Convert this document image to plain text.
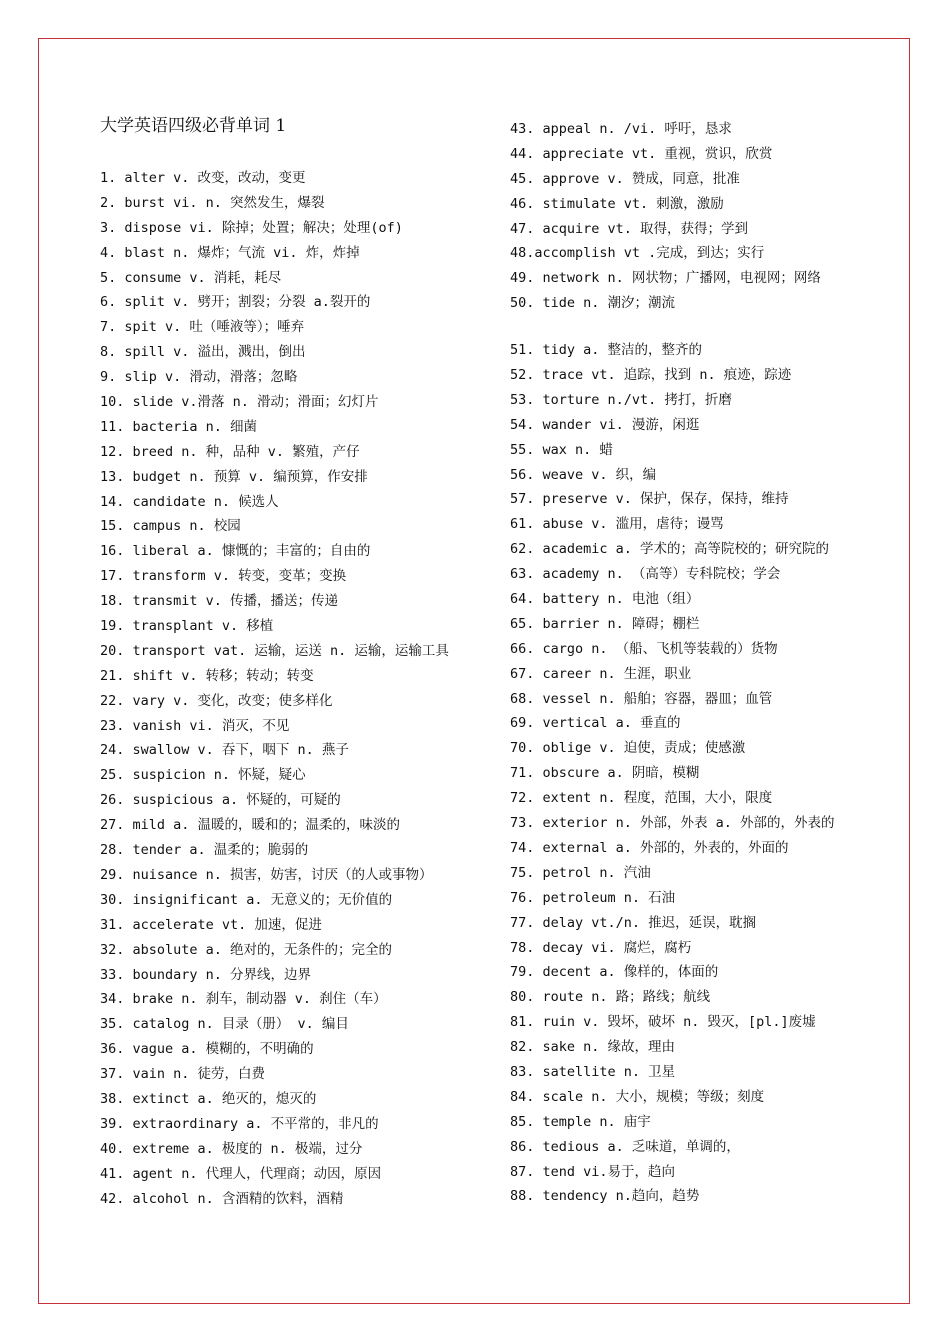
大学英语四级必背单词 1
1. alter v. 改变，改动，变更
2. burst vi. n. 突然发生，爆裂
3. dispose vi. 除掉；处置；解决；处理(of)
4. blast n. 爆炸；气流 vi. 炸，炸掉
5. consume v. 消耗，耗尽
6. split v. 劈开；割裂；分裂 a.裂开的
7. spit v. 吐（唾液等）；唾弃
8. spill v. 溢出，溅出，倒出
9. slip v. 滑动，滑落；忽略
10. slide v.滑落 n. 滑动；滑面；幻灯片
11. bacteria n. 细菌
12. breed n. 种，品种 v. 繁殖，产仔
13. budget n. 预算 v. 编预算，作安排
14. candidate n. 候选人
15. campus n. 校园
16. liberal a. 慷慨的；丰富的；自由的
17. transform v. 转变，变革；变换
18. transmit v. 传播，播送；传递
19. transplant v. 移植
20. transport vat. 运输，运送 n. 运输，运输工具
21. shift v. 转移；转动；转变
22. vary v. 变化，改变；使多样化
23. vanish vi. 消灭，不见
24. swallow v. 吞下，咽下 n. 燕子
25. suspicion n. 怀疑，疑心
26. suspicious a. 怀疑的，可疑的
27. mild a. 温暖的，暖和的；温柔的，味淡的
28. tender a. 温柔的；脆弱的
29. nuisance n. 损害，妨害，讨厌（的人或事物）
30. insignificant a. 无意义的；无价值的
31. accelerate vt. 加速，促进
32. absolute a. 绝对的，无条件的；完全的
33. boundary n. 分界线，边界
34. brake n. 刹车，制动器 v. 刹住（车）
35. catalog n. 目录（册） v. 编目
36. vague a. 模糊的，不明确的
37. vain n. 徒劳，白费
38. extinct a. 绝灭的，熄灭的
39. extraordinary a. 不平常的，非凡的
40. extreme a. 极度的 n. 极端，过分
41. agent n. 代理人，代理商；动因，原因
42. alcohol n. 含酒精的饮料，酒精
43. appeal n. /vi. 呼吁，恳求
44. appreciate vt. 重视，赏识，欣赏
45. approve v. 赞成，同意，批准
46. stimulate vt. 刺激，激励
47. acquire vt. 取得，获得；学到
48.accomplish vt .完成，到达；实行
49. network n. 网状物；广播网，电视网；网络
50. tide n. 潮汐；潮流
51. tidy a. 整洁的，整齐的
52. trace vt. 追踪，找到 n. 痕迹，踪迹
53. torture n./vt. 拷打，折磨
54. wander vi. 漫游，闲逛
55. wax n. 蜡
56. weave v. 织，编
57. preserve v. 保护，保存，保持，维持
61. abuse v. 滥用，虐待；谩骂
62. academic a. 学术的；高等院校的；研究院的
63. academy n. （高等）专科院校；学会
64. battery n. 电池（组）
65. barrier n. 障碍；棚栏
66. cargo n. （船、飞机等装载的）货物
67. career n. 生涯，职业
68. vessel n. 船舶；容器，器皿；血管
69. vertical a. 垂直的
70. oblige v. 迫使，责成；使感激
71. obscure a. 阴暗，模糊
72. extent n. 程度，范围，大小，限度
73. exterior n. 外部，外表 a. 外部的，外表的
74. external a. 外部的，外表的，外面的
75. petrol n. 汽油
76. petroleum n. 石油
77. delay vt./n. 推迟，延误，耽搁
78. decay vi. 腐烂，腐朽
79. decent a. 像样的，体面的
80. route n. 路；路线；航线
81. ruin v. 毁坏，破坏 n. 毁灭，[pl.]废墟
82. sake n. 缘故，理由
83. satellite n. 卫星
84. scale n. 大小，规模；等级；刻度
85. temple n. 庙宇
86. tedious a. 乏味道，单调的，
87. tend vi.易于，趋向
88. tendency n.趋向，趋势
